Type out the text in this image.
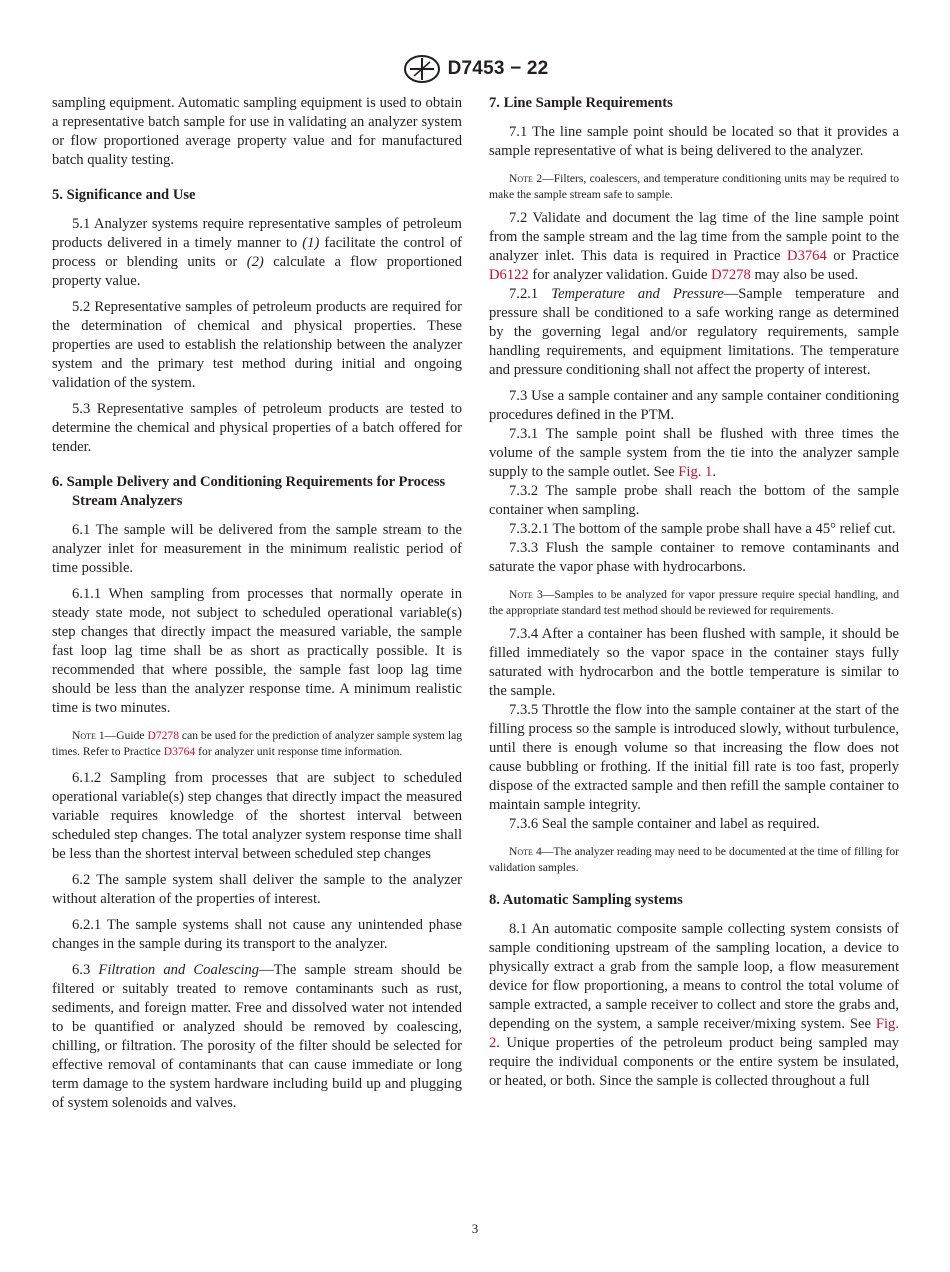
D7453 − 22

sampling equipment. Automatic sampling equipment is used to obtain a representative batch sample for use in validating an analyzer system or flow proportioned average property value and for manufactured batch quality testing.

5. Significance and Use

5.1 Analyzer systems require representative samples of petroleum products delivered in a timely manner to (1) facilitate the control of process or blending units or (2) calculate a flow proportioned property value.

5.2 Representative samples of petroleum products are required for the determination of chemical and physical properties. These properties are used to establish the relationship between the analyzer system and the primary test method during initial and ongoing validation of the system.

5.3 Representative samples of petroleum products are tested to determine the chemical and physical properties of a batch offered for tender.

6. Sample Delivery and Conditioning Requirements for Process Stream Analyzers

6.1 The sample will be delivered from the sample stream to the analyzer inlet for measurement in the minimum realistic period of time possible.

6.1.1 When sampling from processes that normally operate in steady state mode, not subject to scheduled operational variable(s) step changes that directly impact the measured variable, the sample fast loop lag time shall be as short as practically possible. It is recommended that where possible, the sample fast loop lag time should be less than the analyzer response time. A minimum realistic time is two minutes.

Note 1—Guide D7278 can be used for the prediction of analyzer sample system lag times. Refer to Practice D3764 for analyzer unit response time information.

6.1.2 Sampling from processes that are subject to scheduled operational variable(s) step changes that directly impact the measured variable requires knowledge of the shortest interval between scheduled step changes. The total analyzer system response time shall be less than the shortest interval between scheduled step changes

6.2 The sample system shall deliver the sample to the analyzer without alteration of the properties of interest.

6.2.1 The sample systems shall not cause any unintended phase changes in the sample during its transport to the analyzer.

6.3 Filtration and Coalescing—The sample stream should be filtered or suitably treated to remove contaminants such as rust, sediments, and foreign matter. Free and dissolved water not intended to be quantified or analyzed should be removed by coalescing, chilling, or filtration. The porosity of the filter should be selected for effective removal of contaminants that can cause immediate or long term damage to the system hardware including build up and plugging of system solenoids and valves.

7. Line Sample Requirements

7.1 The line sample point should be located so that it provides a sample representative of what is being delivered to the analyzer.

Note 2—Filters, coalescers, and temperature conditioning units may be required to make the sample stream safe to sample.

7.2 Validate and document the lag time of the line sample point from the sample stream and the lag time from the sample point to the analyzer inlet. This data is required in Practice D3764 or Practice D6122 for analyzer validation. Guide D7278 may also be used.

7.2.1 Temperature and Pressure—Sample temperature and pressure shall be conditioned to a safe working range as determined by the governing legal and/or regulatory requirements, sample handling requirements, and equipment limitations. The temperature and pressure conditioning shall not affect the property of interest.

7.3 Use a sample container and any sample container conditioning procedures defined in the PTM.

7.3.1 The sample point shall be flushed with three times the volume of the sample system from the tie into the analyzer sample supply to the sample outlet. See Fig. 1.

7.3.2 The sample probe shall reach the bottom of the sample container when sampling.

7.3.2.1 The bottom of the sample probe shall have a 45° relief cut.

7.3.3 Flush the sample container to remove contaminants and saturate the vapor phase with hydrocarbons.

Note 3—Samples to be analyzed for vapor pressure require special handling, and the appropriate standard test method should be reviewed for requirements.

7.3.4 After a container has been flushed with sample, it should be filled immediately so the vapor space in the container stays fully saturated with hydrocarbon and the bottle temperature is similar to the sample.

7.3.5 Throttle the flow into the sample container at the start of the filling process so the sample is introduced slowly, without turbulence, until there is enough volume so that increasing the flow does not cause bubbling or frothing. If the initial fill rate is too fast, properly dispose of the extracted sample and then refill the sample container to maintain sample integrity.

7.3.6 Seal the sample container and label as required.

Note 4—The analyzer reading may need to be documented at the time of filling for validation samples.

8. Automatic Sampling systems

8.1 An automatic composite sample collecting system consists of sample conditioning upstream of the sampling location, a device to physically extract a grab from the sample loop, a flow measurement device for flow proportioning, a means to control the total volume of sample extracted, a sample receiver to collect and store the grabs and, depending on the system, a sample receiver/mixing system. See Fig. 2. Unique properties of the petroleum product being sampled may require the individual components or the entire system be insulated, or heated, or both. Since the sample is collected throughout a full

3
